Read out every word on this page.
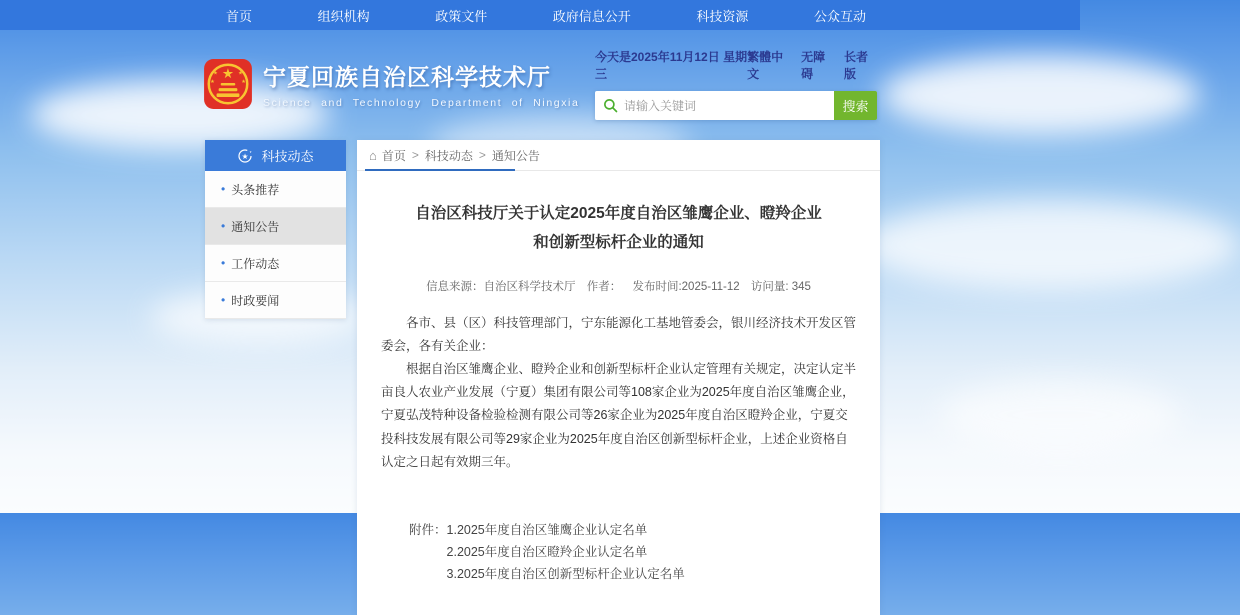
首页	组织机构	政策文件	政府信息公开	科技资源	公众互动
★
★	★
★	★ 宁夏回族自治区科学技术厅
Science and Technology Department of Ningxia
今天是2025年11月12日 星期三
繁體中文
无障碍
长者版
请输入关键词
搜索
★ 科技动态
• 头条推荐
• 通知公告
• 工作动态
• 时政要闻
⌂ 首页 > 科技动态 > 通知公告
自治区科技厅关于认定2025年度自治区雏鹰企业、瞪羚企业
和创新型标杆企业的通知
信息来源：自治区科学技术厅 作者： 发布时间:2025-11-12 访问量: 345

各市、县（区）科技管理部门，宁东能源化工基地管委会，银川经济技术开发区管委会，各有关企业：

根据自治区雏鹰企业、瞪羚企业和创新型标杆企业认定管理有关规定，决定认定半亩良人农业产业发展（宁夏）集团有限公司等108家企业为2025年度自治区雏鹰企业，宁夏弘茂特种设备检验检测有限公司等26家企业为2025年度自治区瞪羚企业，宁夏交投科技发展有限公司等29家企业为2025年度自治区创新型标杆企业，上述企业资格自认定之日起有效期三年。

附件： 1.2025年度自治区雏鹰企业认定名单
2.2025年度自治区瞪羚企业认定名单
3.2025年度自治区创新型标杆企业认定名单
